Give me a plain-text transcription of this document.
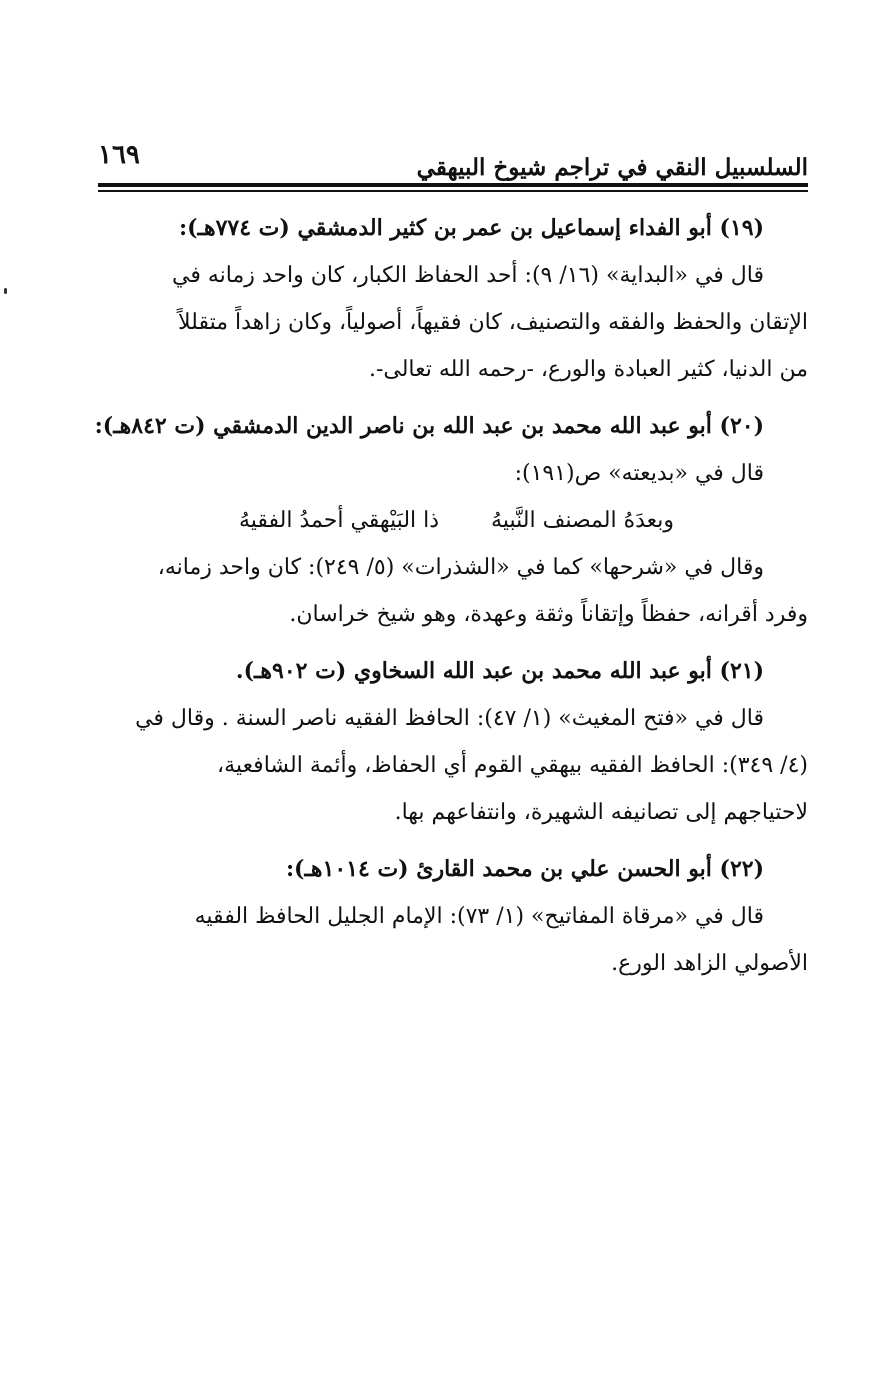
السلسبيل النقي في تراجم شيوخ البيهقي
١٦٩
(١٩) أبو الفداء إسماعيل بن عمر بن كثير الدمشقي (ت ٧٧٤هـ):
قال في «البداية» (١٦/ ٩): أحد الحفاظ الكبار، كان واحد زمانه في
الإتقان والحفظ والفقه والتصنيف، كان فقيهاً، أصولياً، وكان زاهداً متقللاً
من الدنيا، كثير العبادة والورع، -رحمه الله تعالى-.
(٢٠) أبو عبد الله محمد بن عبد الله بن ناصر الدين الدمشقي (ت ٨٤٢هـ):
قال في «بديعته» ص(١٩١):
وبعدَهُ المصنف النَّبيهُ
ذا البَيْهقي أحمدُ الفقيهُ
وقال في «شرحها» كما في «الشذرات» (٥/ ٢٤٩): كان واحد زمانه،
وفرد أقرانه، حفظاً وإتقاناً وثقة وعهدة، وهو شيخ خراسان.
(٢١) أبو عبد الله محمد بن عبد الله السخاوي (ت ٩٠٢هـ).
قال في «فتح المغيث» (١/ ٤٧): الحافظ الفقيه ناصر السنة . وقال في
(٤/ ٣٤٩): الحافظ الفقيه بيهقي القوم أي الحفاظ، وأئمة الشافعية،
لاحتياجهم إلى تصانيفه الشهيرة، وانتفاعهم بها.
(٢٢) أبو الحسن علي بن محمد القارئ (ت ١٠١٤هـ):
قال في «مرقاة المفاتيح» (١/ ٧٣): الإمام الجليل الحافظ الفقيه
الأصولي الزاهد الورع.
